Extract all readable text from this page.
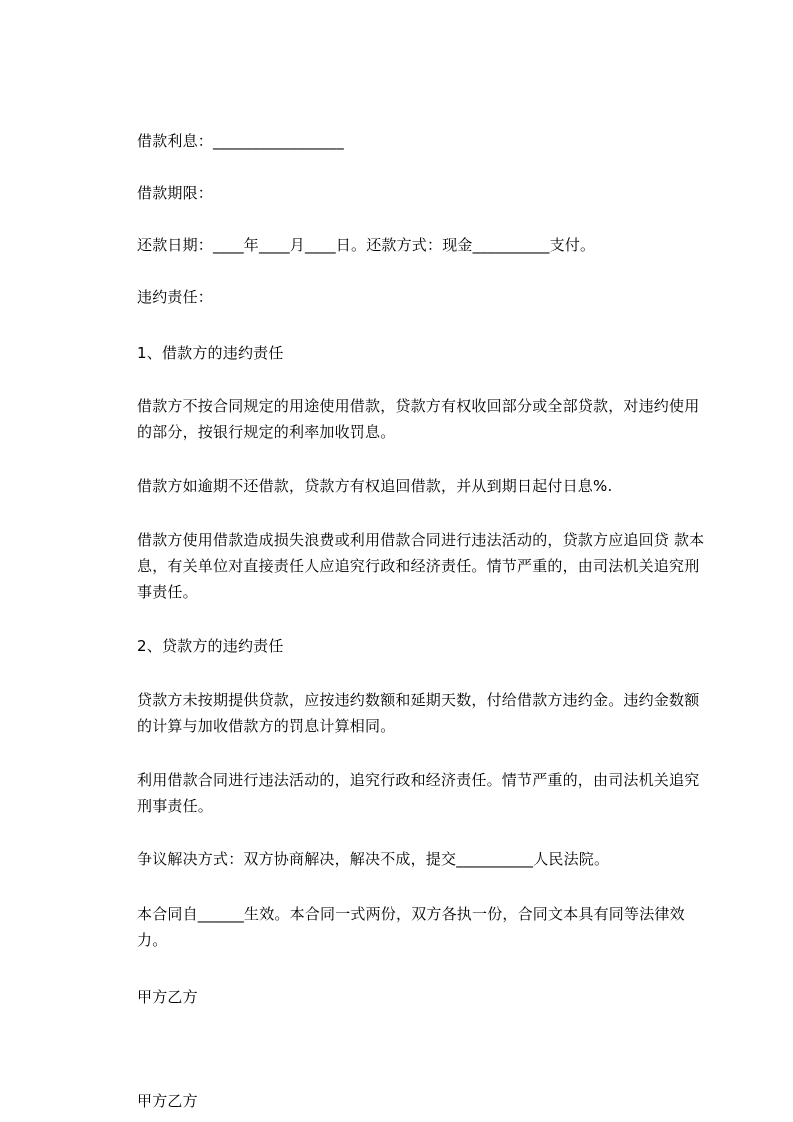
借款利息：_________________
借款期限：
还款日期：____年____月____日。还款方式：现金__________支付。
违约责任：
1、借款方的违约责任
借款方不按合同规定的用途使用借款，贷款方有权收回部分或全部贷款，对违约使用的部分，按银行规定的利率加收罚息。
借款方如逾期不还借款，贷款方有权追回借款，并从到期日起付日息%.
借款方使用借款造成损失浪费或利用借款合同进行违法活动的，贷款方应追回贷 款本息，有关单位对直接责任人应追究行政和经济责任。情节严重的，由司法机关追究刑事责任。
2、贷款方的违约责任
贷款方未按期提供贷款，应按违约数额和延期天数，付给借款方违约金。违约金数额的计算与加收借款方的罚息计算相同。
利用借款合同进行违法活动的，追究行政和经济责任。情节严重的，由司法机关追究刑事责任。
争议解决方式：双方协商解决，解决不成，提交__________人民法院。
本合同自______生效。本合同一式两份，双方各执一份，合同文本具有同等法律效力。
甲方乙方
甲方乙方
